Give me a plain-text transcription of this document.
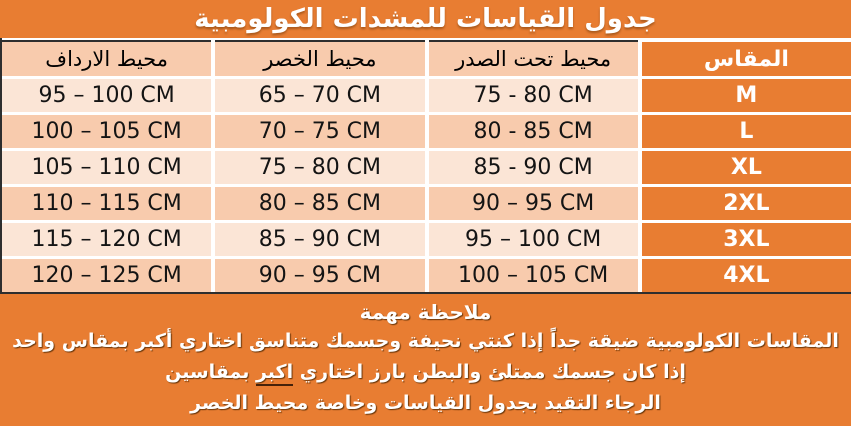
جدول القياسات للمشدات الكولومبية
المقاس
محيط تحت الصدر
محيط الخصر
محيط الارداف
M
75 - 80 CM
65 – 70 CM
95 – 100 CM
L
80 - 85 CM
70 – 75 CM
100 – 105 CM
XL
85 - 90 CM
75 – 80 CM
105 – 110 CM
2XL
90 – 95 CM
80 – 85 CM
110 – 115 CM
3XL
95 – 100 CM
85 – 90 CM
115 – 120 CM
4XL
100 – 105 CM
90 – 95 CM
120 – 125 CM
ملاحظة مهمة
المقاسات الكولومبية ضيقة جداً إذا كنتي نحيفة وجسمك متناسق اختاري أكبر بمقاس واحد
إذا كان جسمك ممتلئ والبطن بارز اختاري اكبر بمقاسين
الرجاء التقيد بجدول القياسات وخاصة محيط الخصر
